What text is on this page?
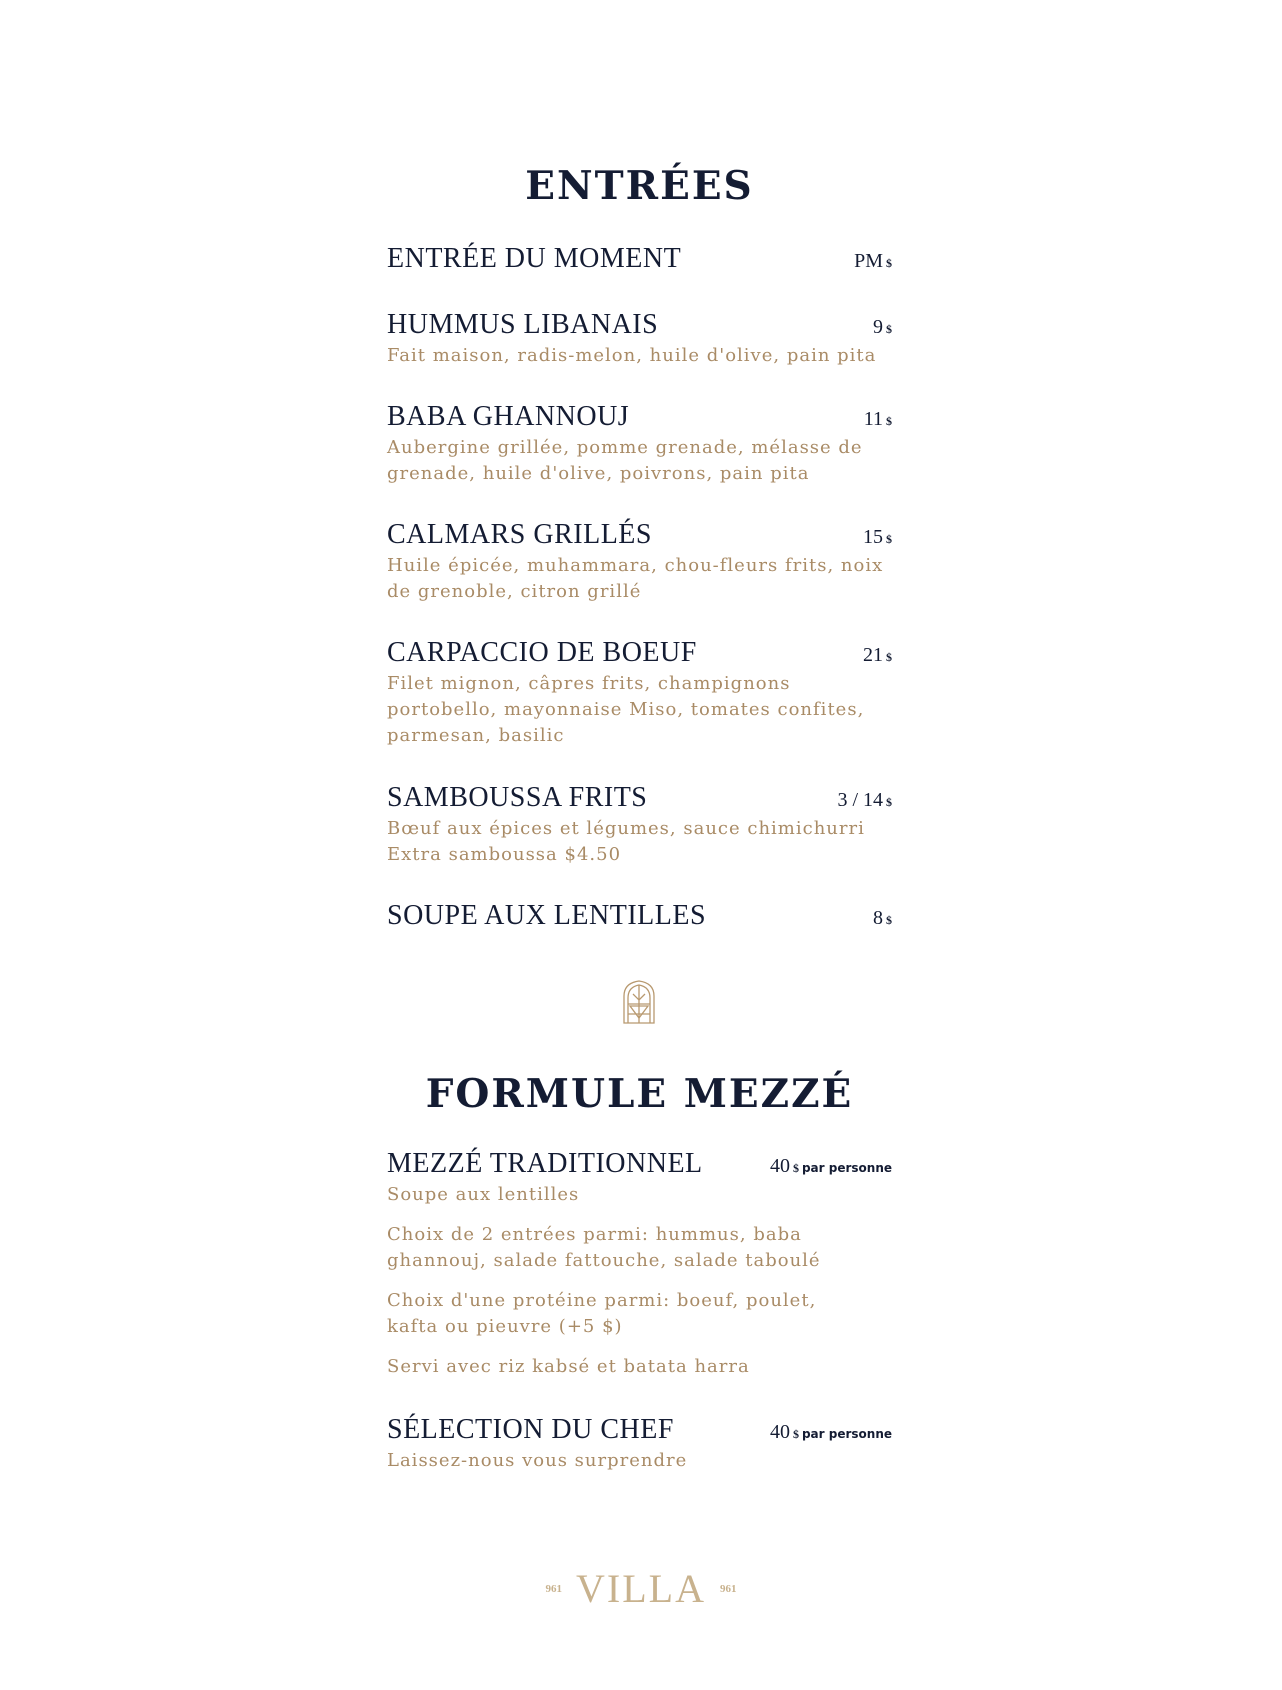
ENTRÉES
ENTRÉE DU MOMENT	PM $
HUMMUS LIBANAIS	9 $

Fait maison, radis-melon, huile d'olive, pain pita

BABA GHANNOUJ	11 $

Aubergine grillée, pomme grenade, mélasse de grenade, huile d'olive, poivrons, pain pita

CALMARS GRILLÉS	15 $

Huile épicée, muhammara, chou-fleurs frits, noix de grenoble, citron grillé

CARPACCIO DE BOEUF	21 $

Filet mignon, câpres frits, champignons portobello, mayonnaise Miso, tomates confites, parmesan, basilic

SAMBOUSSA FRITS	3 / 14 $
Bœuf aux épices et légumes, sauce chimichurri
Extra samboussa $4.50
SOUPE AUX LENTILLES	8 $
FORMULE MEZZÉ
MEZZÉ TRADITIONNEL	40 $ par personne

Soupe aux lentilles

Choix de 2 entrées parmi: hummus, baba ghannouj, salade fattouche, salade taboulé

Choix d'une protéine parmi: boeuf, poulet, kafta ou pieuvre (+5 $)

Servi avec riz kabsé et batata harra

SÉLECTION DU CHEF	40 $ par personne

Laissez-nous vous surprendre

961 VILLA 961
